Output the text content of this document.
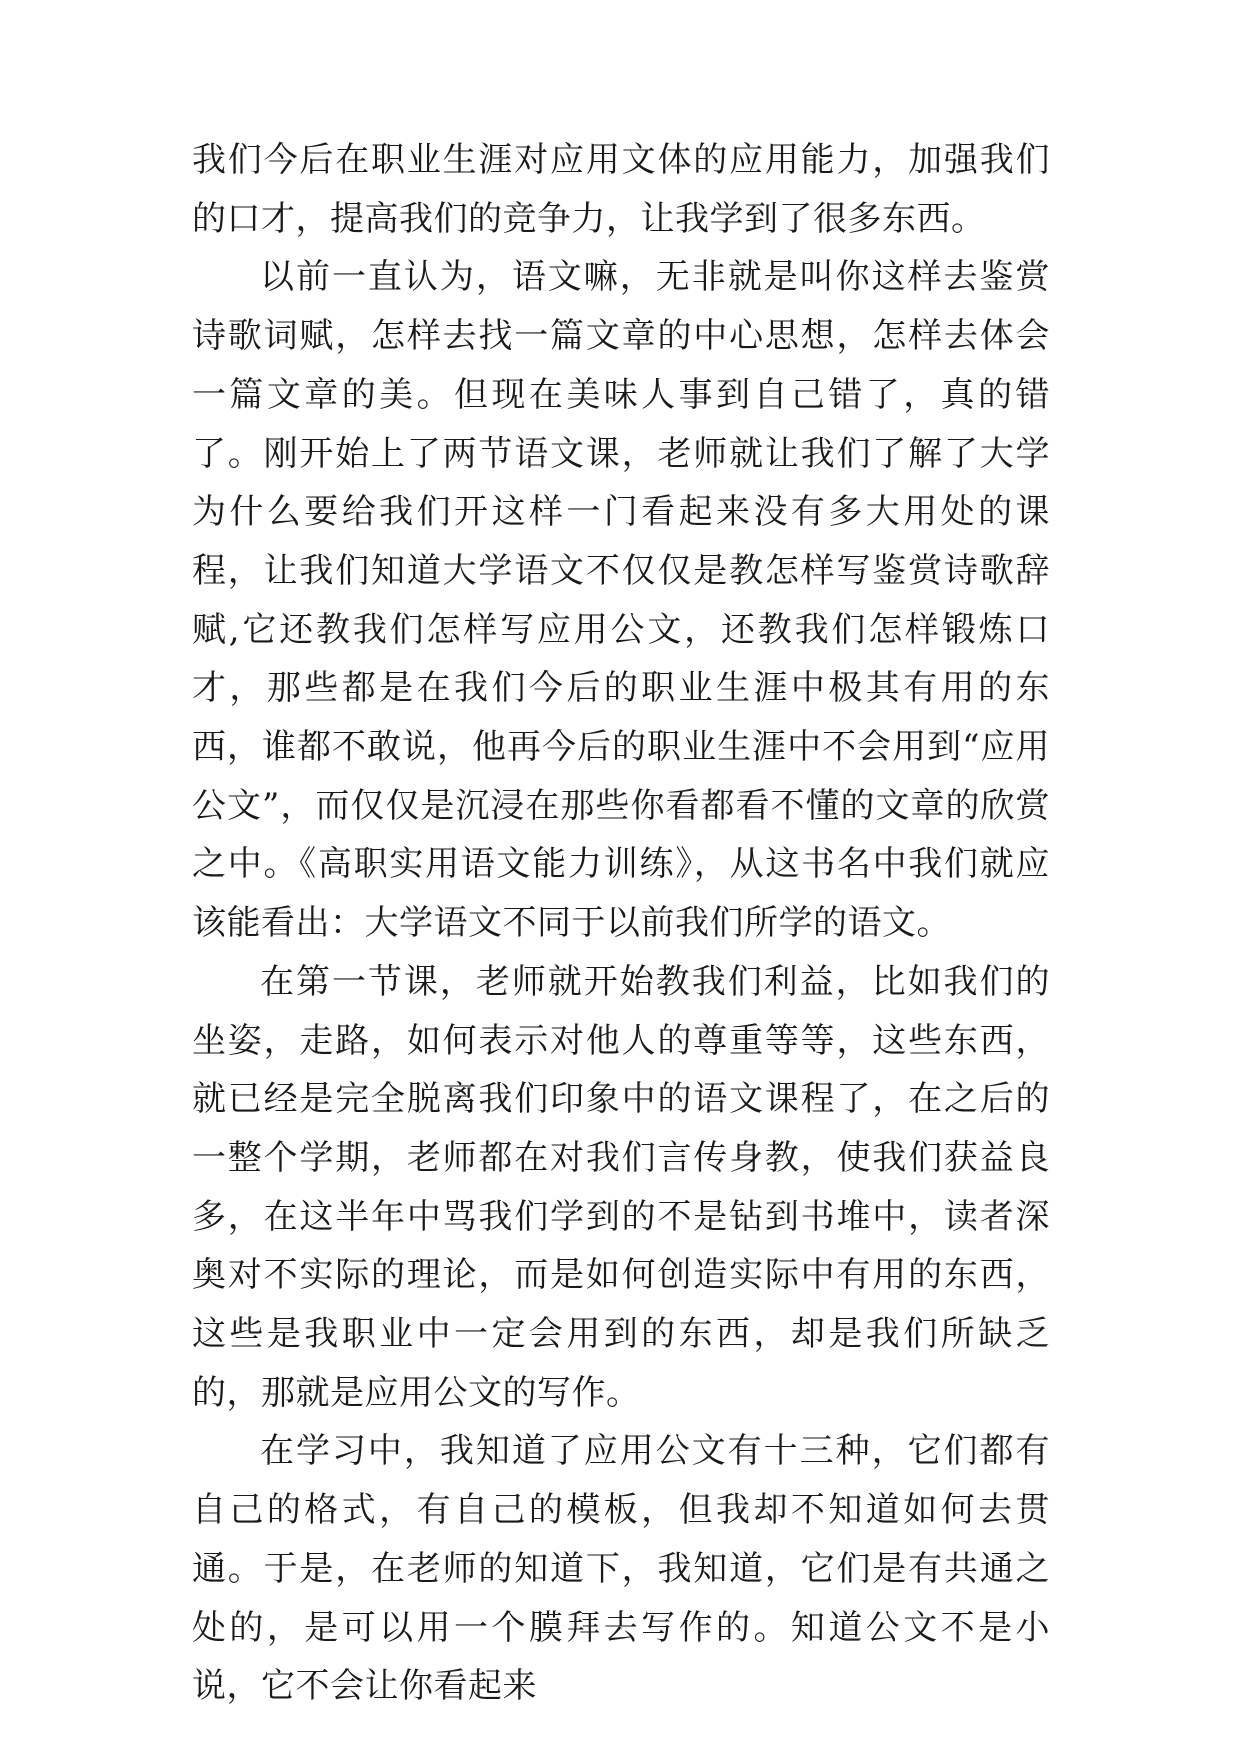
我们今后在职业生涯对应用文体的应用能力，加强我们的口才，提高我们的竞争力，让我学到了很多东西。

以前一直认为，语文嘛，无非就是叫你这样去鉴赏诗歌词赋，怎样去找一篇文章的中心思想，怎样去体会一篇文章的美。但现在美味人事到自己错了，真的错了。刚开始上了两节语文课，老师就让我们了解了大学为什么要给我们开这样一门看起来没有多大用处的课程，让我们知道大学语文不仅仅是教怎样写鉴赏诗歌辞赋,它还教我们怎样写应用公文，还教我们怎样锻炼口才，那些都是在我们今后的职业生涯中极其有用的东西，谁都不敢说，他再今后的职业生涯中不会用到“应用公文”，而仅仅是沉浸在那些你看都看不懂的文章的欣赏之中。《高职实用语文能力训练》，从这书名中我们就应该能看出：大学语文不同于以前我们所学的语文。

在第一节课，老师就开始教我们利益，比如我们的坐姿，走路，如何表示对他人的尊重等等，这些东西，就已经是完全脱离我们印象中的语文课程了，在之后的一整个学期，老师都在对我们言传身教，使我们获益良多，在这半年中骂我们学到的不是钻到书堆中，读者深奥对不实际的理论，而是如何创造实际中有用的东西，这些是我职业中一定会用到的东西，却是我们所缺乏的，那就是应用公文的写作。

在学习中，我知道了应用公文有十三种，它们都有自己的格式，有自己的模板，但我却不知道如何去贯通。于是，在老师的知道下，我知道，它们是有共通之处的，是可以用一个膜拜去写作的。知道公文不是小说，它不会让你看起来
